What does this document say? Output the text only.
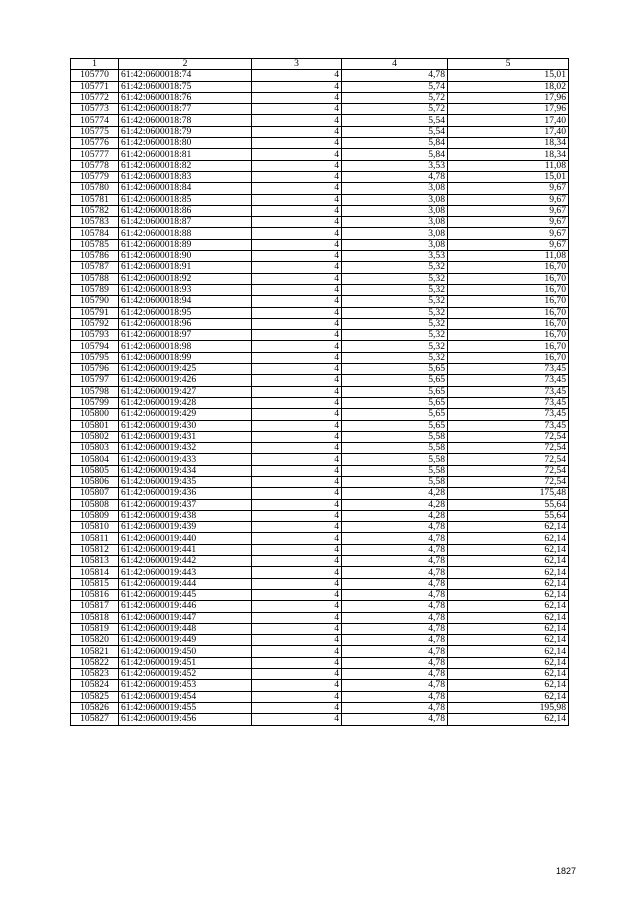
1	2	3	4	5
105770	61:42:0600018:74	4	4,78	15,01
105771	61:42:0600018:75	4	5,74	18,02
105772	61:42:0600018:76	4	5,72	17,96
105773	61:42:0600018:77	4	5,72	17,96
105774	61:42:0600018:78	4	5,54	17,40
105775	61:42:0600018:79	4	5,54	17,40
105776	61:42:0600018:80	4	5,84	18,34
105777	61:42:0600018:81	4	5,84	18,34
105778	61:42:0600018:82	4	3,53	11,08
105779	61:42:0600018:83	4	4,78	15,01
105780	61:42:0600018:84	4	3,08	9,67
105781	61:42:0600018:85	4	3,08	9,67
105782	61:42:0600018:86	4	3,08	9,67
105783	61:42:0600018:87	4	3,08	9,67
105784	61:42:0600018:88	4	3,08	9,67
105785	61:42:0600018:89	4	3,08	9,67
105786	61:42:0600018:90	4	3,53	11,08
105787	61:42:0600018:91	4	5,32	16,70
105788	61:42:0600018:92	4	5,32	16,70
105789	61:42:0600018:93	4	5,32	16,70
105790	61:42:0600018:94	4	5,32	16,70
105791	61:42:0600018:95	4	5,32	16,70
105792	61:42:0600018:96	4	5,32	16,70
105793	61:42:0600018:97	4	5,32	16,70
105794	61:42:0600018:98	4	5,32	16,70
105795	61:42:0600018:99	4	5,32	16,70
105796	61:42:0600019:425	4	5,65	73,45
105797	61:42:0600019:426	4	5,65	73,45
105798	61:42:0600019:427	4	5,65	73,45
105799	61:42:0600019:428	4	5,65	73,45
105800	61:42:0600019:429	4	5,65	73,45
105801	61:42:0600019:430	4	5,65	73,45
105802	61:42:0600019:431	4	5,58	72,54
105803	61:42:0600019:432	4	5,58	72,54
105804	61:42:0600019:433	4	5,58	72,54
105805	61:42:0600019:434	4	5,58	72,54
105806	61:42:0600019:435	4	5,58	72,54
105807	61:42:0600019:436	4	4,28	175,48
105808	61:42:0600019:437	4	4,28	55,64
105809	61:42:0600019:438	4	4,28	55,64
105810	61:42:0600019:439	4	4,78	62,14
105811	61:42:0600019:440	4	4,78	62,14
105812	61:42:0600019:441	4	4,78	62,14
105813	61:42:0600019:442	4	4,78	62,14
105814	61:42:0600019:443	4	4,78	62,14
105815	61:42:0600019:444	4	4,78	62,14
105816	61:42:0600019:445	4	4,78	62,14
105817	61:42:0600019:446	4	4,78	62,14
105818	61:42:0600019:447	4	4,78	62,14
105819	61:42:0600019:448	4	4,78	62,14
105820	61:42:0600019:449	4	4,78	62,14
105821	61:42:0600019:450	4	4,78	62,14
105822	61:42:0600019:451	4	4,78	62,14
105823	61:42:0600019:452	4	4,78	62,14
105824	61:42:0600019:453	4	4,78	62,14
105825	61:42:0600019:454	4	4,78	62,14
105826	61:42:0600019:455	4	4,78	195,98
105827	61:42:0600019:456	4	4,78	62,14
1827
